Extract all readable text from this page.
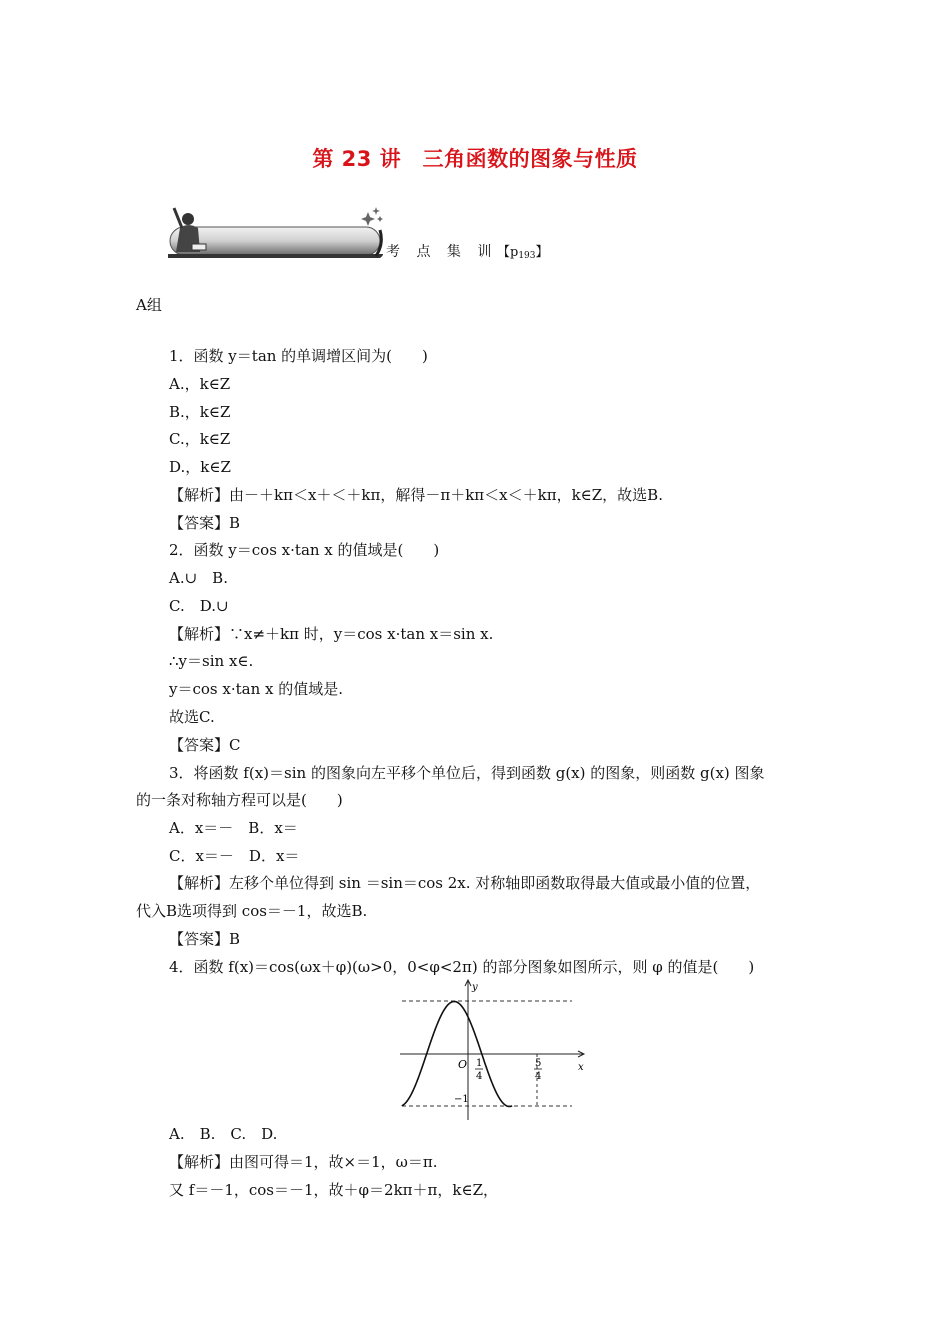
第 23 讲　三角函数的图象与性质
考 点 集 训 【$p_{193}$】
A组
1．函数 y＝tan 的单调增区间为(　　)
A.，k∈Z
B.，k∈Z
C.，k∈Z
D.，k∈Z
【解析】由－＋kπ＜x＋＜＋kπ，解得－π＋kπ＜x＜＋kπ，k∈Z，故选B.
【答案】B
2．函数 y＝cos x·tan x 的值域是(　　)
A.∪　B.
C.　D.∪
【解析】∵x≠＋kπ 时，y＝cos x·tan x＝sin x.
∴y＝sin x∈.
y＝cos x·tan x 的值域是.
故选C.
【答案】C
3．将函数 f(x)＝sin 的图象向左平移个单位后，得到函数 g(x) 的图象，则函数 g(x) 图象
的一条对称轴方程可以是(　　)
A．x＝－　B．x＝
C．x＝－　D．x＝
【解析】左移个单位得到 sin ＝sin＝cos 2x. 对称轴即函数取得最大值或最小值的位置，
代入B选项得到 cos＝－1，故选B.
【答案】B
4．函数 f(x)＝cos(ωx＋φ)(ω>0，0<φ<2π) 的部分图象如图所示，则 φ 的值是(　　)
y
x
O 1
4
5
4
−1
A.　B.　C.　D.
【解析】由图可得＝1，故×＝1，ω＝π.
又 f＝－1，cos＝－1，故＋φ＝2kπ＋π，k∈Z，
